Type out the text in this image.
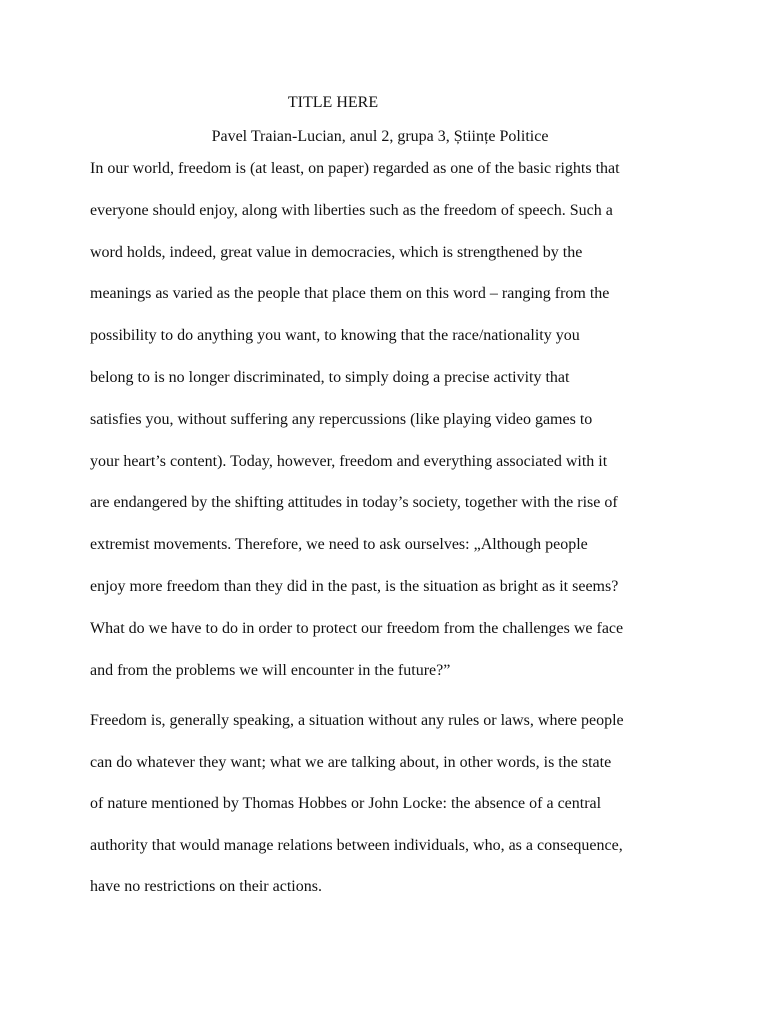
TITLE HERE
Pavel Traian-Lucian, anul 2, grupa 3, Științe Politice
In our world, freedom is (at least, on paper) regarded as one of the basic rights that
everyone should enjoy, along with liberties such as the freedom of speech. Such a
word holds, indeed, great value in democracies, which is strengthened by the
meanings as varied as the people that place them on this word – ranging from the
possibility to do anything you want, to knowing that the race/nationality you
belong to is no longer discriminated, to simply doing a precise activity that
satisfies you, without suffering any repercussions (like playing video games to
your heart’s content). Today, however, freedom and everything associated with it
are endangered by the shifting attitudes in today’s society, together with the rise of
extremist movements. Therefore, we need to ask ourselves: „Although people
enjoy more freedom than they did in the past, is the situation as bright as it seems?
What do we have to do in order to protect our freedom from the challenges we face
and from the problems we will encounter in the future?”
Freedom is, generally speaking, a situation without any rules or laws, where people
can do whatever they want; what we are talking about, in other words, is the state
of nature mentioned by Thomas Hobbes or John Locke: the absence of a central
authority that would manage relations between individuals, who, as a consequence,
have no restrictions on their actions.
